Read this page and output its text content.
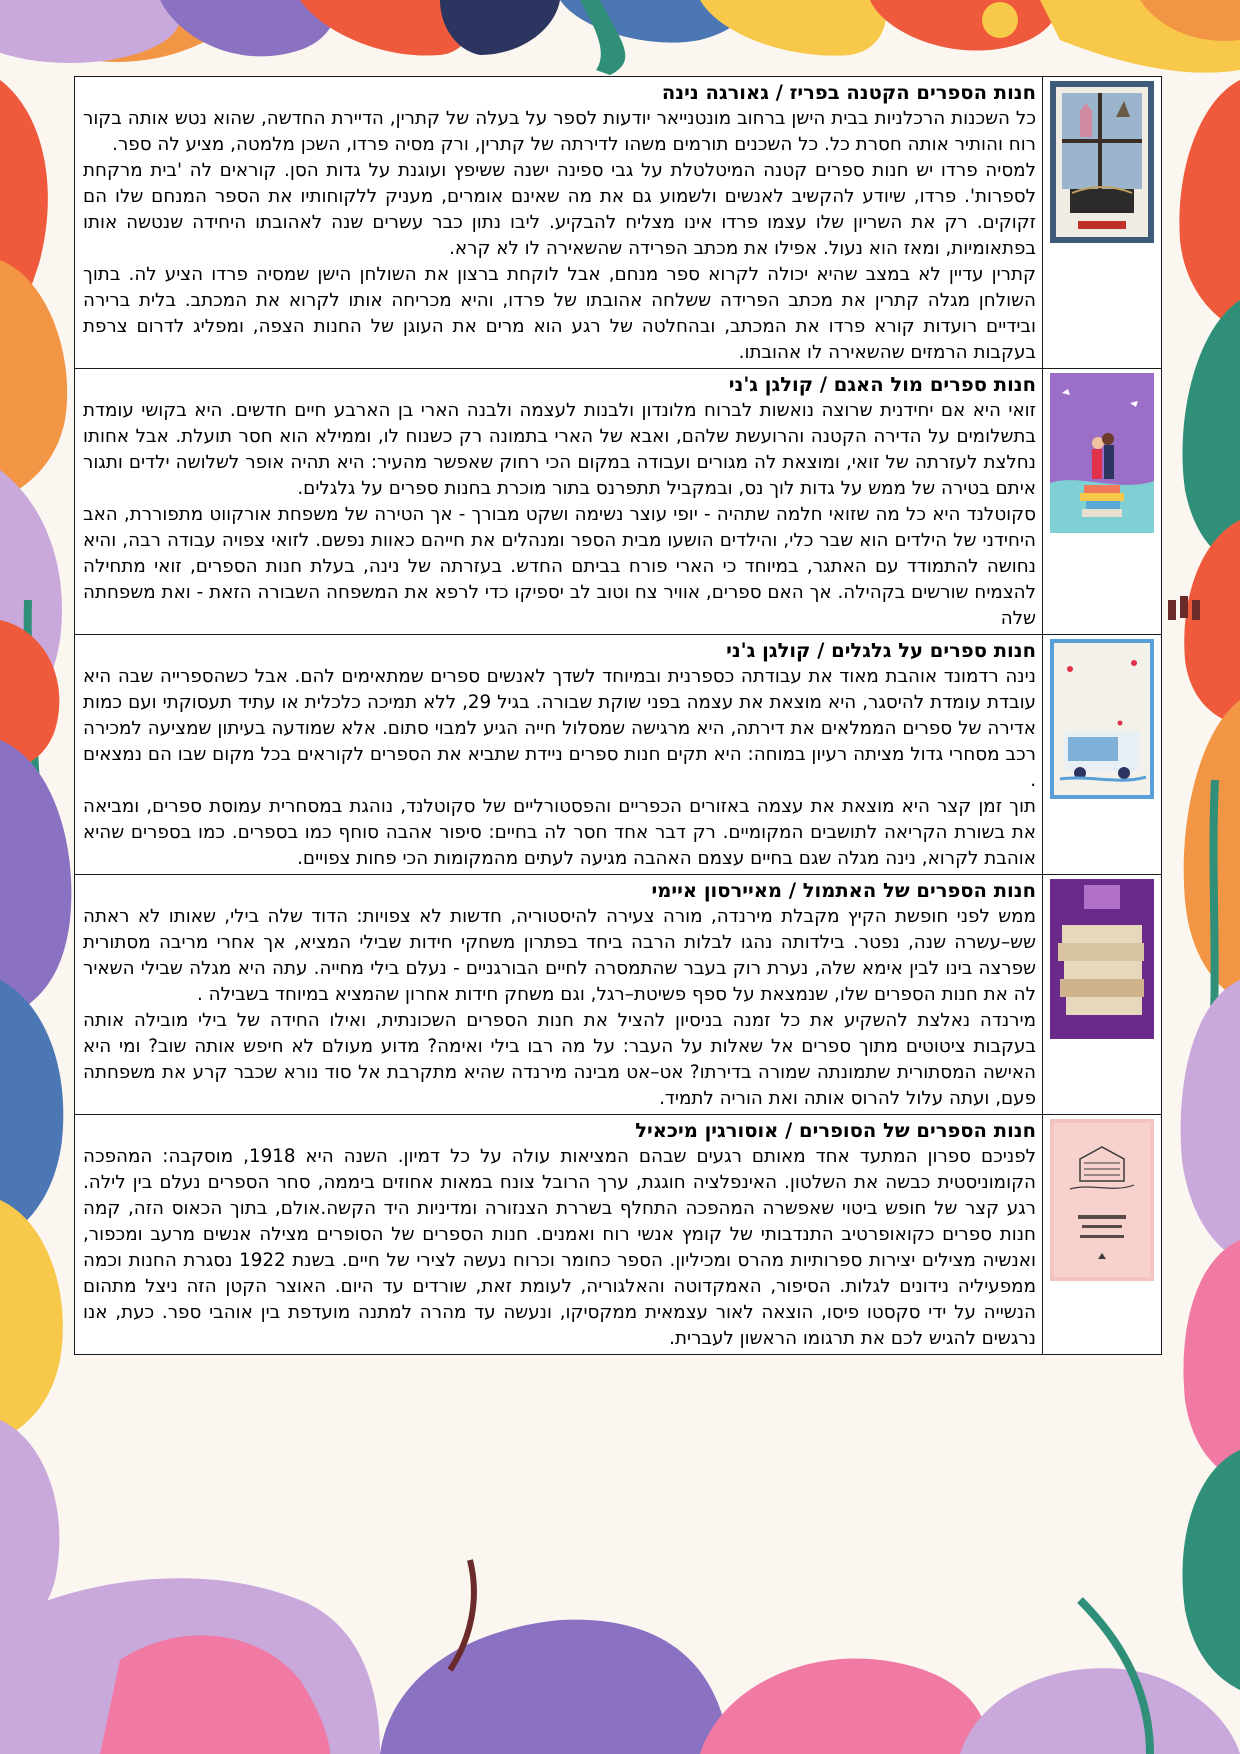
חנות הספרים הקטנה בפריז / גאורגה נינה

כל השכנות הרכלניות בבית הישן ברחוב מונטנייאר יודעות לספר על בעלה של קתרין, הדיירת החדשה, שהוא נטש אותה בקור רוח והותיר אותה חסרת כל. כל השכנים תורמים משהו לדירתה של קתרין, ורק מסיה פרדו, השכן מלמטה, מציע לה ספר.

למסיה פרדו יש חנות ספרים קטנה המיטלטלת על גבי ספינה ישנה ששיפץ ועוגנת על גדות הסן. קוראים לה 'בית מרקחת לספרות'. פרדו, שיודע להקשיב לאנשים ולשמוע גם את מה שאינם אומרים, מעניק ללקוחותיו את הספר המנחם שלו הם זקוקים. רק את השריון שלו עצמו פרדו אינו מצליח להבקיע. ליבו נתון כבר עשרים שנה לאהובתו היחידה שנטשה אותו בפתאומיות, ומאז הוא נעול. אפילו את מכתב הפרידה שהשאירה לו לא קרא.

קתרין עדיין לא במצב שהיא יכולה לקרוא ספר מנחם, אבל לוקחת ברצון את השולחן הישן שמסיה פרדו הציע לה. בתוך השולחן מגלה קתרין את מכתב הפרידה ששלחה אהובתו של פרדו, והיא מכריחה אותו לקרוא את המכתב. בלית ברירה ובידיים רועדות קורא פרדו את המכתב, ובהחלטה של רגע הוא מרים את העוגן של החנות הצפה, ומפליג לדרום צרפת בעקבות הרמזים שהשאירה לו אהובתו.

חנות ספרים מול האגם / קולגן ג'ני

זואי היא אם יחידנית שרוצה נואשות לברוח מלונדון ולבנות לעצמה ולבנה הארי בן הארבע חיים חדשים. היא בקושי עומדת בתשלומים על הדירה הקטנה והרועשת שלהם, ואבא של הארי בתמונה רק כשנוח לו, וממילא הוא חסר תועלת. אבל אחותו נחלצת לעזרתה של זואי, ומוצאת לה מגורים ועבודה במקום הכי רחוק שאפשר מהעיר: היא תהיה אופר לשלושה ילדים ותגור איתם בטירה של ממש על גדות לוך נס, ובמקביל תתפרנס בתור מוכרת בחנות ספרים על גלגלים.

סקוטלנד היא כל מה שזואי חלמה שתהיה - יופי עוצר נשימה ושקט מבורך - אך הטירה של משפחת אורקווט מתפוררת, האב היחידני של הילדים הוא שבר כלי, והילדים הושעו מבית הספר ומנהלים את חייהם כאוות נפשם. לזואי צפויה עבודה רבה, והיא נחושה להתמודד עם האתגר, במיוחד כי הארי פורח בביתם החדש. בעזרתה של נינה, בעלת חנות הספרים, זואי מתחילה להצמיח שורשים בקהילה. אך האם ספרים, אוויר צח וטוב לב יספיקו כדי לרפא את המשפחה השבורה הזאת - ואת משפחתה שלה

חנות ספרים על גלגלים / קולגן ג'ני

נינה רדמונד אוהבת מאוד את עבודתה כספרנית ובמיוחד לשדך לאנשים ספרים שמתאימים להם. אבל כשהספרייה שבה היא עובדת עומדת להיסגר, היא מוצאת את עצמה בפני שוקת שבורה. בגיל 29, ללא תמיכה כלכלית או עתיד תעסוקתי ועם כמות אדירה של ספרים הממלאים את דירתה, היא מרגישה שמסלול חייה הגיע למבוי סתום. אלא שמודעה בעיתון שמציעה למכירה רכב מסחרי גדול מציתה רעיון במוחה: היא תקים חנות ספרים ניידת שתביא את הספרים לקוראים בכל מקום שבו הם נמצאים .

תוך זמן קצר היא מוצאת את עצמה באזורים הכפריים והפסטורליים של סקוטלנד, נוהגת במסחרית עמוסת ספרים, ומביאה את בשורת הקריאה לתושבים המקומיים. רק דבר אחד חסר לה בחיים: סיפור אהבה סוחף כמו בספרים. כמו בספרים שהיא אוהבת לקרוא, נינה מגלה שגם בחיים עצמם האהבה מגיעה לעתים מהמקומות הכי פחות צפויים.

חנות הספרים של האתמול / מאיירסון איימי

ממש לפני חופשת הקיץ מקבלת מירנדה, מורה צעירה להיסטוריה, חדשות לא צפויות: הדוד שלה בילי, שאותו לא ראתה שש–עשרה שנה, נפטר. בילדותה נהגו לבלות הרבה ביחד בפתרון משחקי חידות שבילי המציא, אך אחרי מריבה מסתורית שפרצה בינו לבין אימא שלה, נערת רוק בעבר שהתמסרה לחיים הבורגניים - נעלם בילי מחייה. עתה היא מגלה שבילי השאיר לה את חנות הספרים שלו, שנמצאת על ספף פשיטת–רגל, וגם משחק חידות אחרון שהמציא במיוחד בשבילה .

מירנדה נאלצת להשקיע את כל זמנה בניסיון להציל את חנות הספרים השכונתית, ואילו החידה של בילי מובילה אותה בעקבות ציטוטים מתוך ספרים אל שאלות על העבר: על מה רבו בילי ואימה? מדוע מעולם לא חיפש אותה שוב? ומי היא האישה המסתורית שתמונתה שמורה בדירתו? אט–אט מבינה מירנדה שהיא מתקרבת אל סוד נורא שכבר קרע את משפחתה פעם, ועתה עלול להרוס אותה ואת הוריה לתמיד.

חנות הספרים של הסופרים / אוסורגין מיכאיל

לפניכם ספרון המתעד אחד מאותם רגעים שבהם המציאות עולה על כל דמיון. השנה היא 1918, מוסקבה: המהפכה הקומוניסטית כבשה את השלטון. האינפלציה חוגגת, ערך הרובל צונח במאות אחוזים ביממה, סחר הספרים נעלם בין לילה. רגע קצר של חופש ביטוי שאפשרה המהפכה התחלף בשררת הצנזורה ומדיניות היד הקשה.אולם, בתוך הכאוס הזה, קמה חנות ספרים כקואופרטיב התנדבותי של קומץ אנשי רוח ואמנים. חנות הספרים של הסופרים מצילה אנשים מרעב ומכפור, ואנשיה מצילים יצירות ספרותיות מהרס ומכיליון. הספר כחומר וכרוח נעשה לצירי של חיים. בשנת 1922 נסגרת החנות וכמה ממפעיליה נידונים לגלות. הסיפור, האמקדוטה והאלגוריה, לעומת זאת, שורדים עד היום. האוצר הקטן הזה ניצל מתהום הנשייה על ידי סקסטו פיסו, הוצאה לאור עצמאית ממקסיקו, ונעשה עד מהרה למתנה מועדפת בין אוהבי ספר. כעת, אנו נרגשים להגיש לכם את תרגומו הראשון לעברית.
